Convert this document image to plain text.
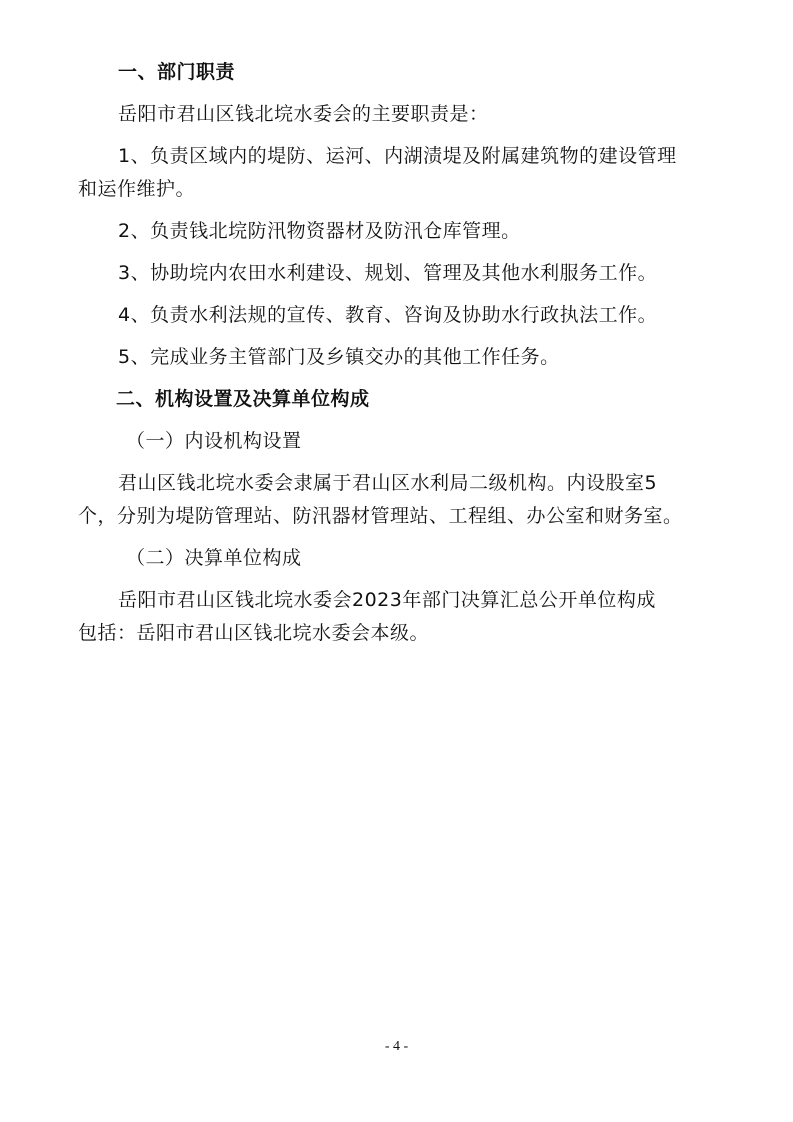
一、部门职责
岳阳市君山区钱北垸水委会的主要职责是：
1、负责区域内的堤防、运河、内湖渍堤及附属建筑物的建设管理
和运作维护。
2、负责钱北垸防汛物资器材及防汛仓库管理。
3、协助垸内农田水利建设、规划、管理及其他水利服务工作。
4、负责水利法规的宣传、教育、咨询及协助水行政执法工作。
5、完成业务主管部门及乡镇交办的其他工作任务。
二、机构设置及决算单位构成
（一）内设机构设置
君山区钱北垸水委会隶属于君山区水利局二级机构。内设股室5
个，分别为堤防管理站、防汛器材管理站、工程组、办公室和财务室。
（二）决算单位构成
岳阳市君山区钱北垸水委会2023年部门决算汇总公开单位构成
包括：岳阳市君山区钱北垸水委会本级。
- 4 -
